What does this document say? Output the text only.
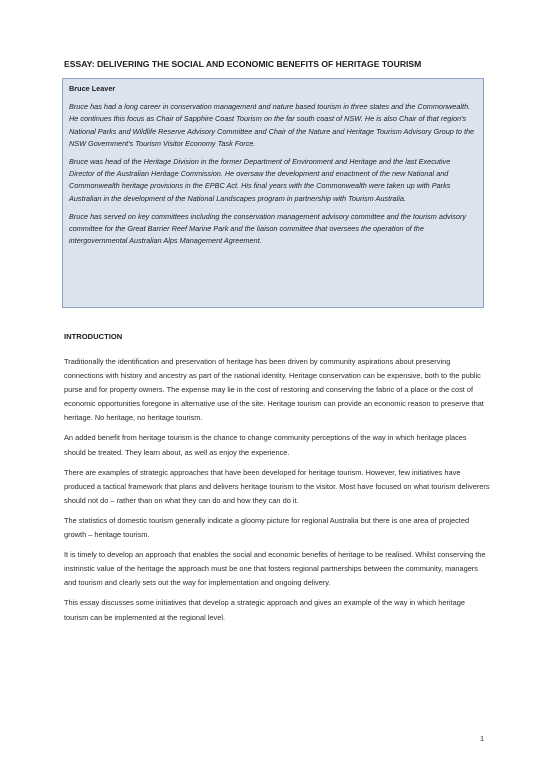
ESSAY: DELIVERING THE SOCIAL AND ECONOMIC BENEFITS OF HERITAGE TOURISM
Bruce Leaver

Bruce has had a long career in conservation management and nature based tourism in three states and the Commonwealth. He continues this focus as Chair of Sapphire Coast Tourism on the far south coast of NSW. He is also Chair of that region's National Parks and Wildlife Reserve Advisory Committee and Chair of the Nature and Heritage Tourism Advisory Group to the NSW Government's Tourism Visitor Economy Task Force.

Bruce was head of the Heritage Division in the former Department of Environment and Heritage and the last Executive Director of the Australian Heritage Commission. He oversaw the development and enactment of the new National and Commonwealth heritage provisions in the EPBC Act. His final years with the Commonwealth were taken up with Parks Australian in the development of the National Landscapes program in partnership with Tourism Australia.

Bruce has served on key committees including the conservation management advisory committee and the tourism advisory committee for the Great Barrier Reef Marine Park and the liaison committee that oversees the operation of the intergovernmental Australian Alps Management Agreement.

INTRODUCTION

Traditionally the identification and preservation of heritage has been driven by community aspirations about preserving connections with history and ancestry as part of the national identity. Heritage conservation can be expensive, both to the public purse and for property owners. The expense may lie in the cost of restoring and conserving the fabric of a place or the cost of economic opportunities foregone in alternative use of the site. Heritage tourism can provide an economic reason to preserve that heritage. No heritage, no heritage tourism.

An added benefit from heritage tourism is the chance to change community perceptions of the way in which heritage places should be treated. They learn about, as well as enjoy the experience.

There are examples of strategic approaches that have been developed for heritage tourism. However, few initiatives have produced a tactical framework that plans and delivers heritage tourism to the visitor. Most have focused on what tourism deliverers should not do – rather than on what they can do and how they can do it.

The statistics of domestic tourism generally indicate a gloomy picture for regional Australia but there is one area of projected growth – heritage tourism.

It is timely to develop an approach that enables the social and economic benefits of heritage to be realised. Whilst conserving the instrinstic value of the heritage the approach must be one that fosters regional partnerships between the community, managers and tourism and clearly sets out the way for implementation and ongoing delivery.

This essay discusses some initiatives that develop a strategic approach and gives an example of the way in which heritage tourism can be implemented at the regional level.

1
